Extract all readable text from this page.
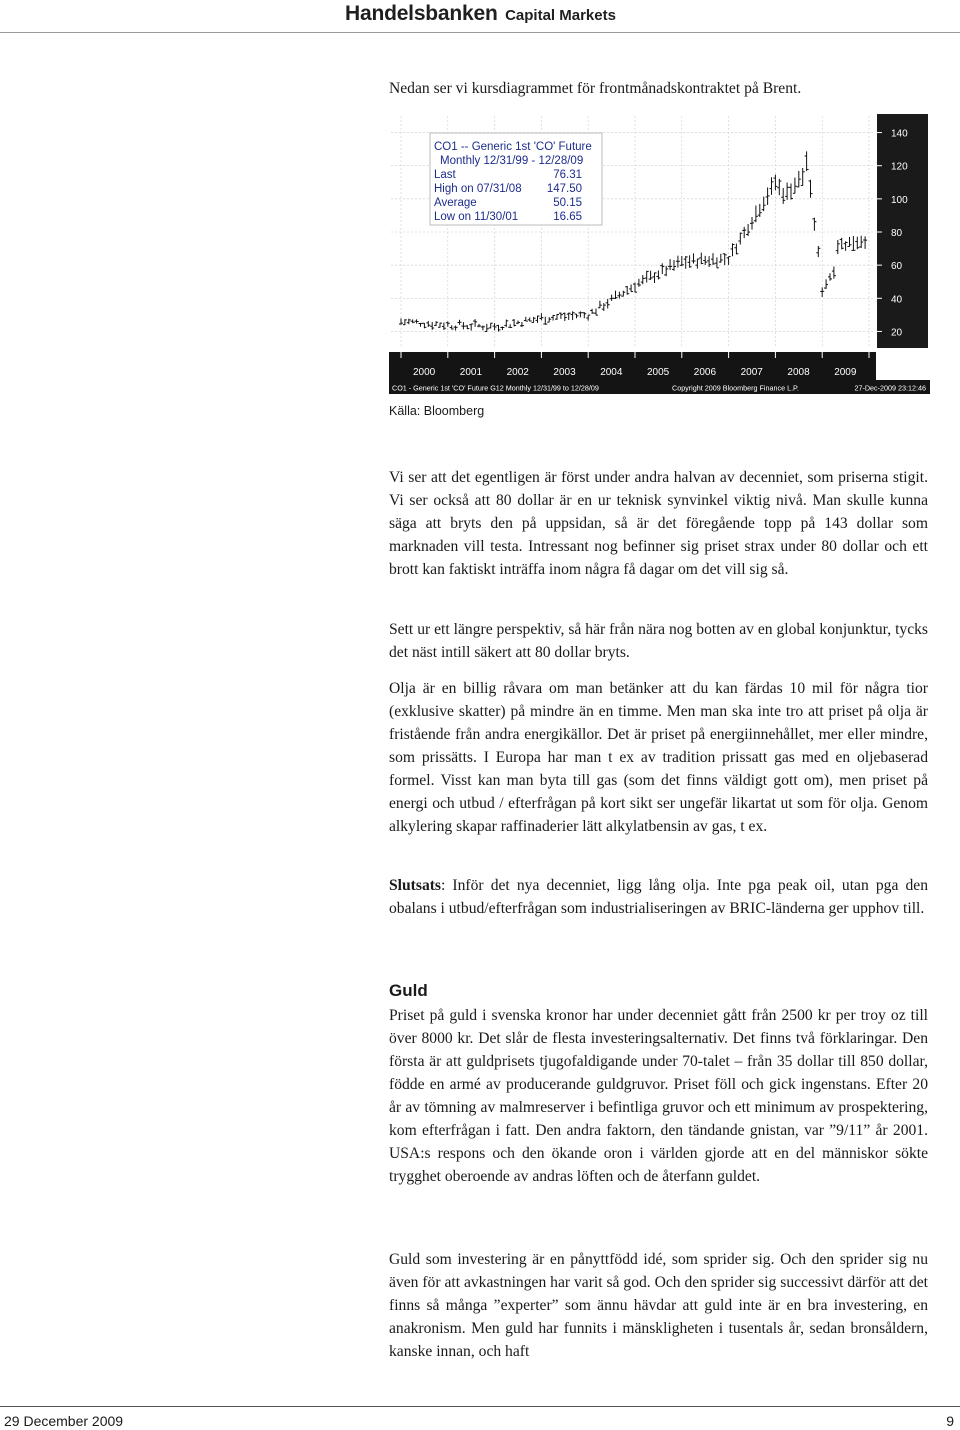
Handelsbanken Capital Markets
Nedan ser vi kursdiagrammet för frontmånadskontraktet på Brent.
CO1 -- Generic 1st 'CO' Future
Monthly 12/31/99 - 12/28/09
Last	76.31
High on 07/31/08 147.50
Average	50.15
Low on 11/30/01	16.65
140
120
100
80
60
40
20
2000 2001 2002 2003 2004 2005 2006 2007 2008 2009 2
CO1 - Generic 1st 'CO' Future G12 Monthly 12/31/99 to 12/28/09	Copyright 2009 Bloomberg Finance L.P.	27-Dec-2009 23:12:46
Källa: Bloomberg
Vi ser att det egentligen är först under andra halvan av decenniet, som priserna stigit. Vi ser också att 80 dollar är en ur teknisk synvinkel viktig nivå. Man skulle kunna säga att bryts den på uppsidan, så är det föregående topp på 143 dollar som marknaden vill testa. Intressant nog befinner sig priset strax under 80 dollar och ett brott kan faktiskt inträffa inom några få dagar om det vill sig så.
Sett ur ett längre perspektiv, så här från nära nog botten av en global konjunktur, tycks det näst intill säkert att 80 dollar bryts.
Olja är en billig råvara om man betänker att du kan färdas 10 mil för några tior (exklusive skatter) på mindre än en timme. Men man ska inte tro att priset på olja är fristående från andra energikällor. Det är priset på energiinnehållet, mer eller mindre, som prissätts. I Europa har man t ex av tradition prissatt gas med en oljebaserad formel. Visst kan man byta till gas (som det finns väldigt gott om), men priset på energi och utbud / efterfrågan på kort sikt ser ungefär likartat ut som för olja. Genom alkylering skapar raffinaderier lätt alkylatbensin av gas, t ex.
Slutsats: Inför det nya decenniet, ligg lång olja. Inte pga peak oil, utan pga den obalans i utbud/efterfrågan som industrialiseringen av BRIC-länderna ger upphov till.
Guld
Priset på guld i svenska kronor har under decenniet gått från 2500 kr per troy oz till över 8000 kr. Det slår de flesta investeringsalternativ. Det finns två förklaringar. Den första är att guldprisets tjugofaldigande under 70-talet – från 35 dollar till 850 dollar, födde en armé av producerande guldgruvor. Priset föll och gick ingenstans. Efter 20 år av tömning av malmreserver i befintliga gruvor och ett minimum av prospektering, kom efterfrågan i fatt. Den andra faktorn, den tändande gnistan, var ”9/11” år 2001. USA:s respons och den ökande oron i världen gjorde att en del människor sökte trygghet oberoende av andras löften och de återfann guldet.
Guld som investering är en pånyttfödd idé, som sprider sig. Och den sprider sig nu även för att avkastningen har varit så god. Och den sprider sig successivt därför att det finns så många ”experter” som ännu hävdar att guld inte är en bra investering, en anakronism. Men guld har funnits i mänskligheten i tusentals år, sedan bronsåldern, kanske innan, och haft
29 December 2009	9
